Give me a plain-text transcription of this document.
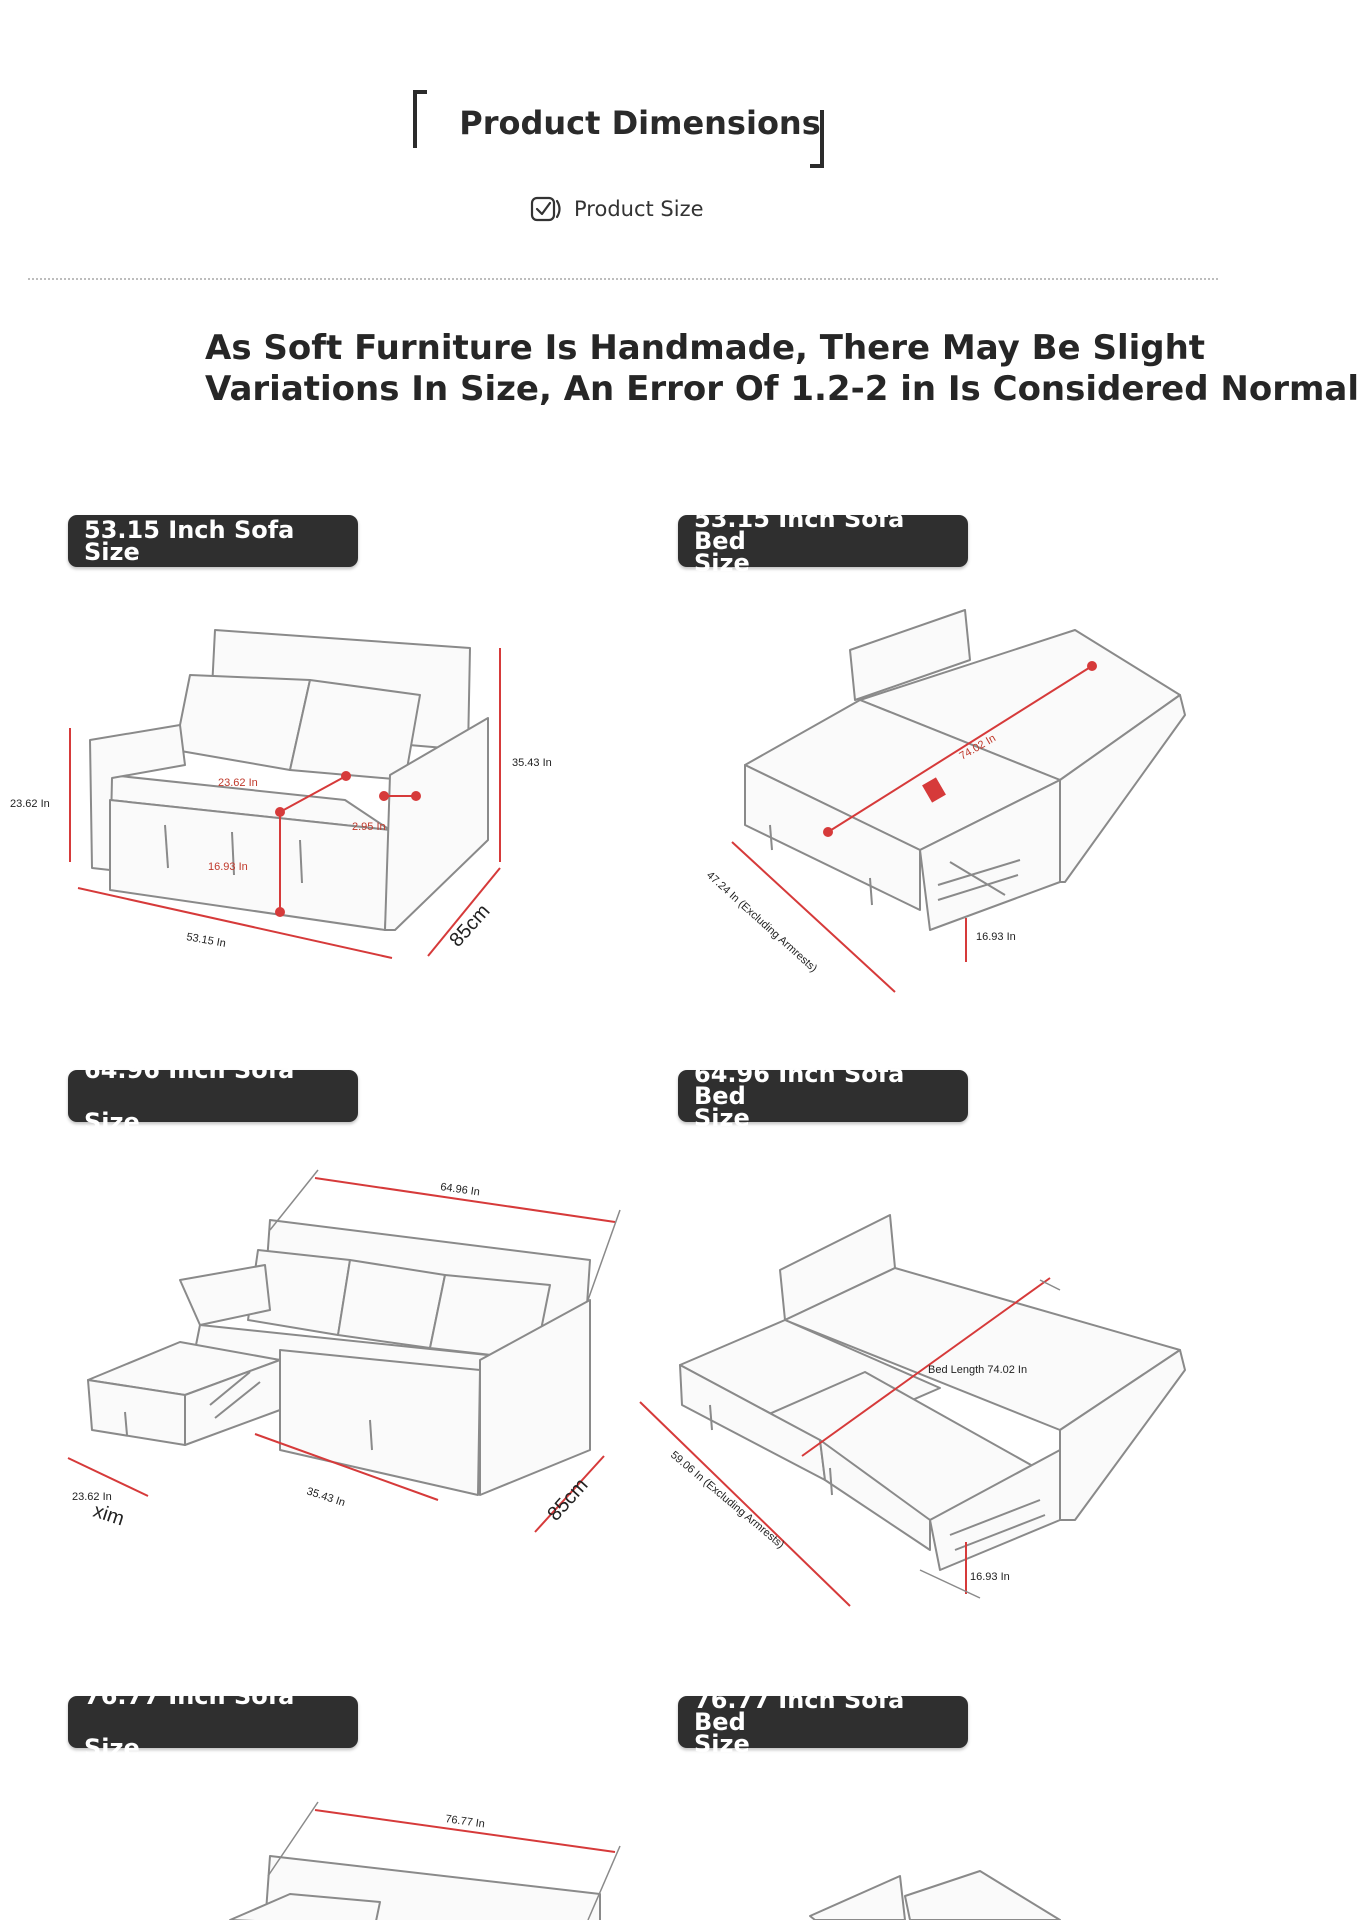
Product Dimensions
Product Size
As Soft Furniture Is Handmade, There May Be Slight
Variations In Size, An Error Of 1.2-2 in Is Considered Normal
53.15 Inch Sofa
Size
23.62 In
35.43 In
23.62 In
2.95 In
16.93 In
53.15 In	85cm
53.15 Inch Sofa Bed
Size
74.02 In
47.24 In (Excluding Armrests)	16.93 In
64.96 Inch Sofa Size
64.96 In
23.62 In
xim
35.43 In	85cm
64.96 Inch Sofa Bed
Size
Bed Length 74.02 In
59.06 In (Excluding Armrests)
16.93 In
76.77 Inch Sofa Size
76.77 In
76.77 Inch Sofa Bed
Size
